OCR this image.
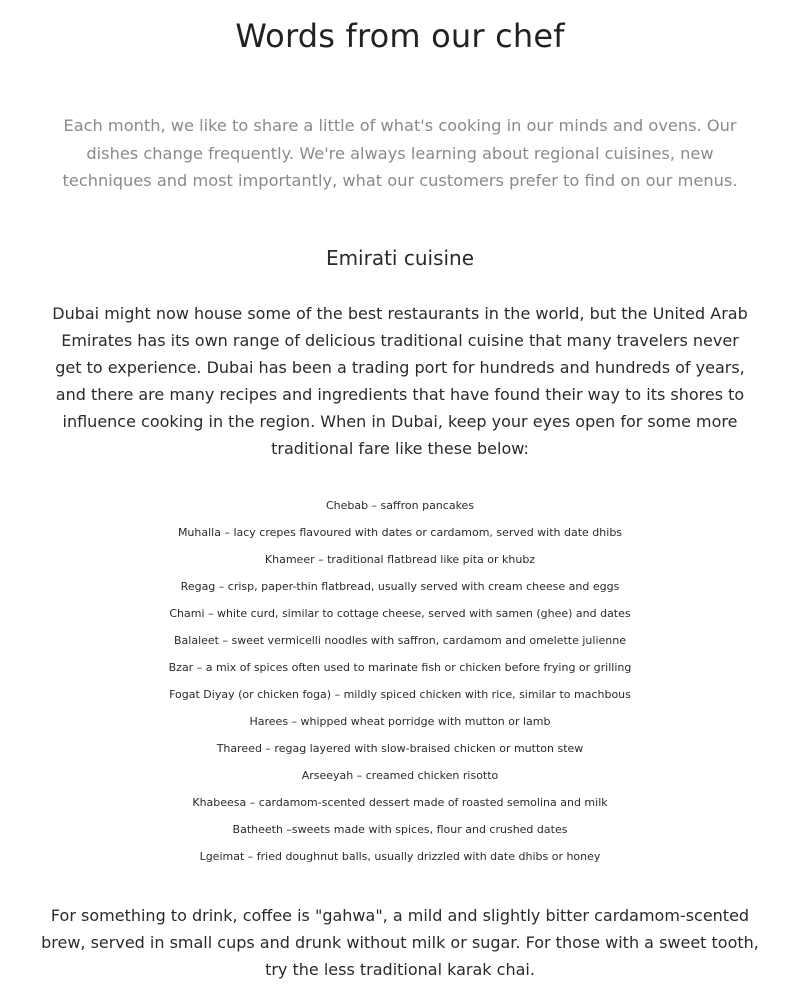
Words from our chef

Each month, we like to share a little of what's cooking in our minds and ovens. Our dishes change frequently. We're always learning about regional cuisines, new techniques and most importantly, what our customers prefer to find on our menus.

Emirati cuisine

Dubai might now house some of the best restaurants in the world, but the United Arab Emirates has its own range of delicious traditional cuisine that many travelers never get to experience. Dubai has been a trading port for hundreds and hundreds of years, and there are many recipes and ingredients that have found their way to its shores to influence cooking in the region. When in Dubai, keep your eyes open for some more traditional fare like these below:

Chebab – saffron pancakes
Muhalla – lacy crepes flavoured with dates or cardamom, served with date dhibs
Khameer – traditional flatbread like pita or khubz
Regag – crisp, paper-thin flatbread, usually served with cream cheese and eggs
Chami – white curd, similar to cottage cheese, served with samen (ghee) and dates
Balaleet – sweet vermicelli noodles with saffron, cardamom and omelette julienne
Bzar – a mix of spices often used to marinate fish or chicken before frying or grilling
Fogat Diyay (or chicken foga) – mildly spiced chicken with rice, similar to machbous
Harees – whipped wheat porridge with mutton or lamb
Thareed – regag layered with slow-braised chicken or mutton stew
Arseeyah – creamed chicken risotto
Khabeesa – cardamom-scented dessert made of roasted semolina and milk
Batheeth –sweets made with spices, flour and crushed dates
Lgeimat – fried doughnut balls, usually drizzled with date dhibs or honey

For something to drink, coffee is "gahwa", a mild and slightly bitter cardamom-scented brew, served in small cups and drunk without milk or sugar. For those with a sweet tooth, try the less traditional karak chai.
